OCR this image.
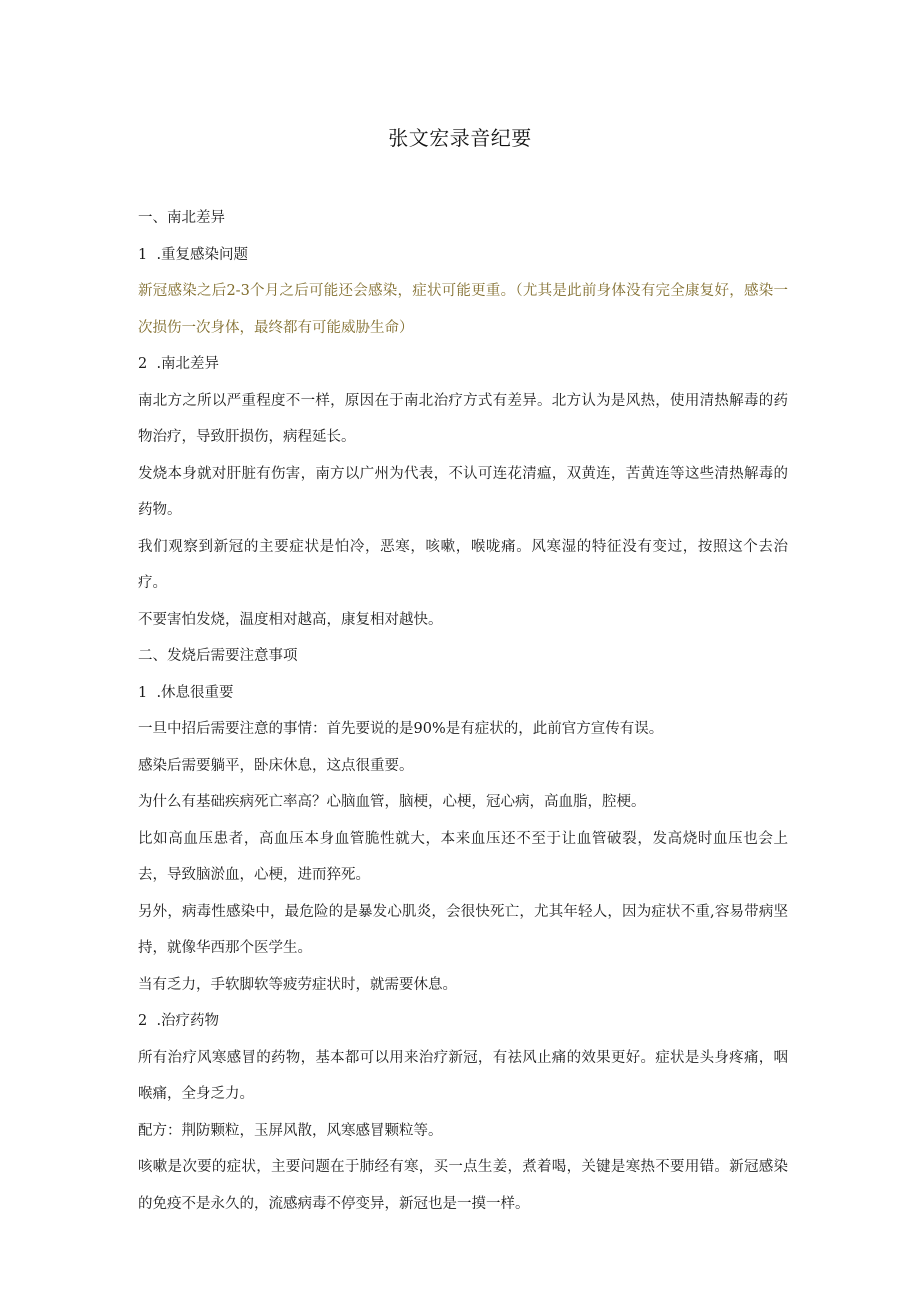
张文宏录音纪要

一、南北差异

1  .重复感染问题

新冠感染之后2-3个月之后可能还会感染，症状可能更重。（尤其是此前身体没有完全康复好，感染一次损伤一次身体，最终都有可能威胁生命）

2  .南北差异

南北方之所以严重程度不一样，原因在于南北治疗方式有差异。北方认为是风热，使用清热解毒的药物治疗，导致肝损伤，病程延长。

发烧本身就对肝脏有伤害，南方以广州为代表，不认可连花清瘟，双黄连，苦黄连等这些清热解毒的药物。

我们观察到新冠的主要症状是怕冷，恶寒，咳嗽，喉咙痛。风寒湿的特征没有变过，按照这个去治疗。

不要害怕发烧，温度相对越高，康复相对越快。

二、发烧后需要注意事项

1  .休息很重要

一旦中招后需要注意的事情：首先要说的是90%是有症状的，此前官方宣传有误。

感染后需要躺平，卧床休息，这点很重要。

为什么有基础疾病死亡率高？心脑血管，脑梗，心梗，冠心病，高血脂，腔梗。

比如高血压患者，高血压本身血管脆性就大，本来血压还不至于让血管破裂，发高烧时血压也会上去，导致脑淤血，心梗，进而猝死。

另外，病毒性感染中，最危险的是暴发心肌炎，会很快死亡，尤其年轻人，因为症状不重,容易带病坚持，就像华西那个医学生。

当有乏力，手软脚软等疲劳症状时，就需要休息。

2  .治疗药物

所有治疗风寒感冒的药物，基本都可以用来治疗新冠，有祛风止痛的效果更好。症状是头身疼痛，咽喉痛，全身乏力。

配方：荆防颗粒，玉屏风散，风寒感冒颗粒等。

咳嗽是次要的症状，主要问题在于肺经有寒，买一点生姜，煮着喝，关键是寒热不要用错。新冠感染的免疫不是永久的，流感病毒不停变异，新冠也是一摸一样。
